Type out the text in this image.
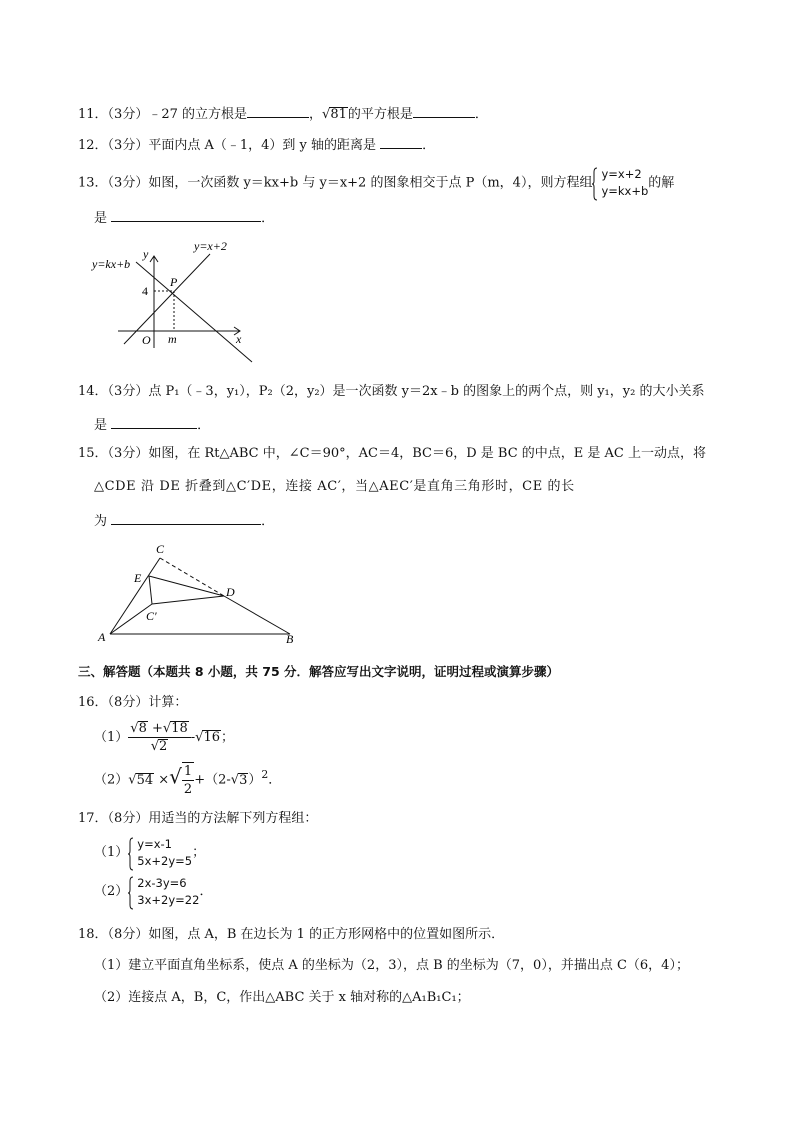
11．（3分）﹣27 的立方根是	，√81的平方根是	．
12．（3分）平面内点 A（﹣1，4）到 y 轴的距离是	．
13．（3分）如图，一次函数 y＝kx+b 与 y＝x+2 的图象相交于点 P（m，4），则方程组
y=x+2
y=kx+b
的解
是	．
y=kx+b
y=x+2
y
x
O
P
4
m
14．（3分）点 P₁（﹣3，y₁），P₂（2，y₂）是一次函数 y＝2x﹣b 的图象上的两个点，则 y₁，y₂ 的大小关系
是	．
15．（3分）如图，在 Rt△ABC 中，∠C＝90°，AC＝4，BC＝6，D 是 BC 的中点，E 是 AC 上一动点，将
△CDE 沿 DE 折叠到△C′DE，连接 AC′，当△AEC′是直角三角形时，CE 的长
为	．
A	B
C
D
E
C′
三、解答题（本题共 8 小题，共 75 分．解答应写出文字说明，证明过程或演算步骤）
16．（8分）计算：
$(1) \frac{√8 +√18}{√2} -√16$；
（2）√54 ×√ $\frac{1}{2} +(2-√3)^2$．
17．（8分）用适当的方法解下列方程组：
（1）
y=x-1
5x+2y=5
；
（2）
2x-3y=6
3x+2y=22
．
18．（8分）如图，点 A，B 在边长为 1 的正方形网格中的位置如图所示．
（1）建立平面直角坐标系，使点 A 的坐标为（2，3），点 B 的坐标为（7，0），并描出点 C（6，4）；
（2）连接点 A，B，C，作出△ABC 关于 x 轴对称的△A₁B₁C₁；
